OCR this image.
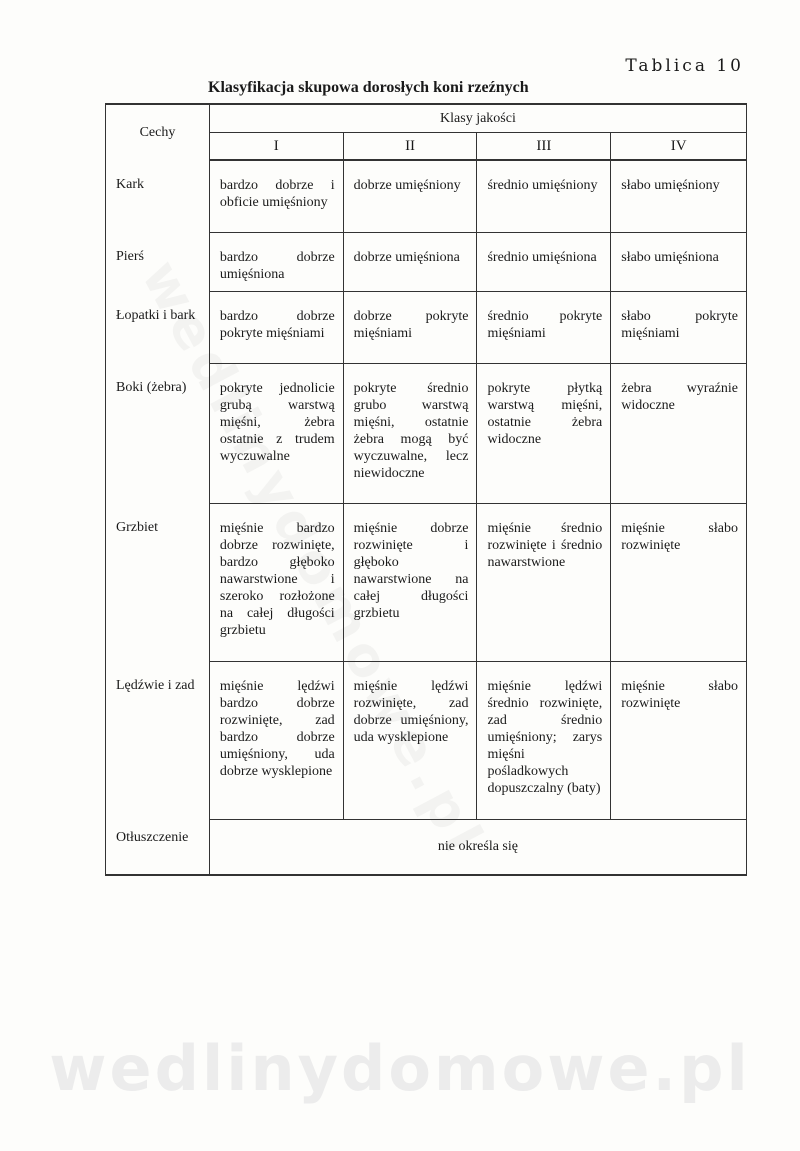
Tablica 10
Klasyfikacja skupowa dorosłych koni rzeźnych
Cechy	Klasy jakości			
	I	II	III	IV
Kark	bardzo dobrze i obficie umięśniony	dobrze umięśniony	średnio umięśniony	słabo umięśniony
Pierś	bardzo dobrze umięśniona	dobrze umięśniona	średnio umięśniona	słabo umięśniona
Łopatki i bark	bardzo dobrze pokryte mięśniami	dobrze pokryte mięśniami	średnio pokryte mięśniami	słabo pokryte mięśniami
Boki (żebra)	pokryte jednolicie grubą warstwą mięśni, żebra ostatnie z trudem wyczuwalne	pokryte średnio grubo warstwą mięśni, ostatnie żebra mogą być wyczuwalne, lecz niewidoczne	pokryte płytką warstwą mięśni, ostatnie żebra widoczne	żebra wyraźnie widoczne
Grzbiet	mięśnie bardzo dobrze rozwinięte, bardzo głęboko nawarstwione i szeroko rozłożone na całej długości grzbietu	mięśnie dobrze rozwinięte i głęboko nawarstwione na całej długości grzbietu	mięśnie średnio rozwinięte i średnio nawarstwione	mięśnie słabo rozwinięte
Lędźwie i zad	mięśnie lędźwi bardzo dobrze rozwinięte, zad bardzo dobrze umięśniony, uda dobrze wysklepione	mięśnie lędźwi rozwinięte, zad dobrze umięśniony, uda wysklepione	mięśnie lędźwi średnio rozwinięte, zad średnio umięśniony; zarys mięśni pośladkowych dopuszczalny (baty)	mięśnie słabo rozwinięte
Otłuszczenie	nie określa się			
wedlinydomowe.pl
